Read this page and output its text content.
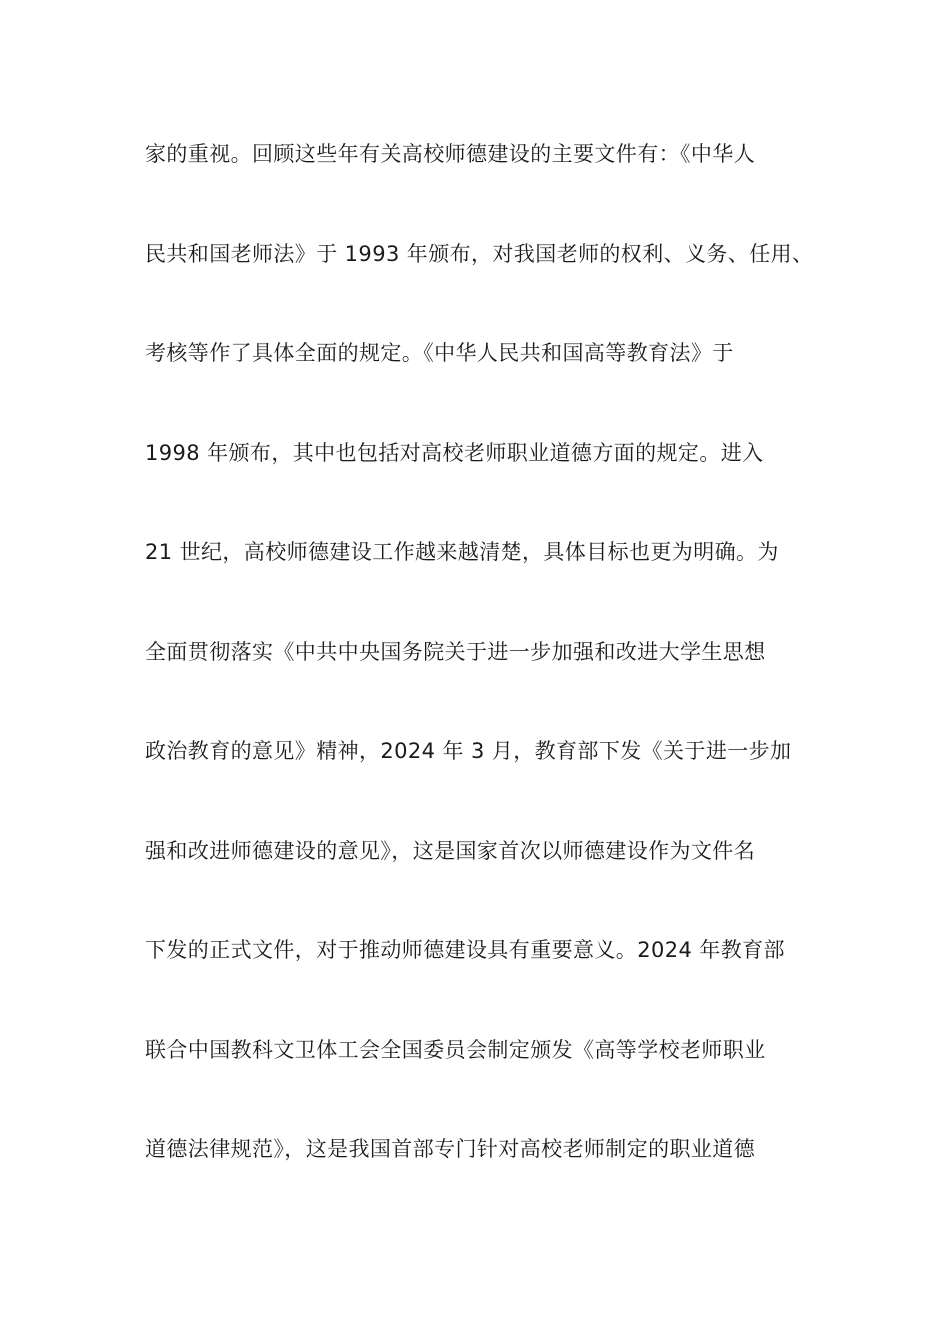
家的重视。回顾这些年有关高校师德建设的主要文件有：《中华人
民共和国老师法》于 1993 年颁布，对我国老师的权利、义务、任用、
考核等作了具体全面的规定。《中华人民共和国高等教育法》于
1998 年颁布，其中也包括对高校老师职业道德方面的规定。进入
21 世纪，高校师德建设工作越来越清楚，具体目标也更为明确。为
全面贯彻落实《中共中央国务院关于进一步加强和改进大学生思想
政治教育的意见》精神，2024 年 3 月，教育部下发《关于进一步加
强和改进师德建设的意见》，这是国家首次以师德建设作为文件名
下发的正式文件，对于推动师德建设具有重要意义。2024 年教育部
联合中国教科文卫体工会全国委员会制定颁发《高等学校老师职业
道德法律规范》，这是我国首部专门针对高校老师制定的职业道德
